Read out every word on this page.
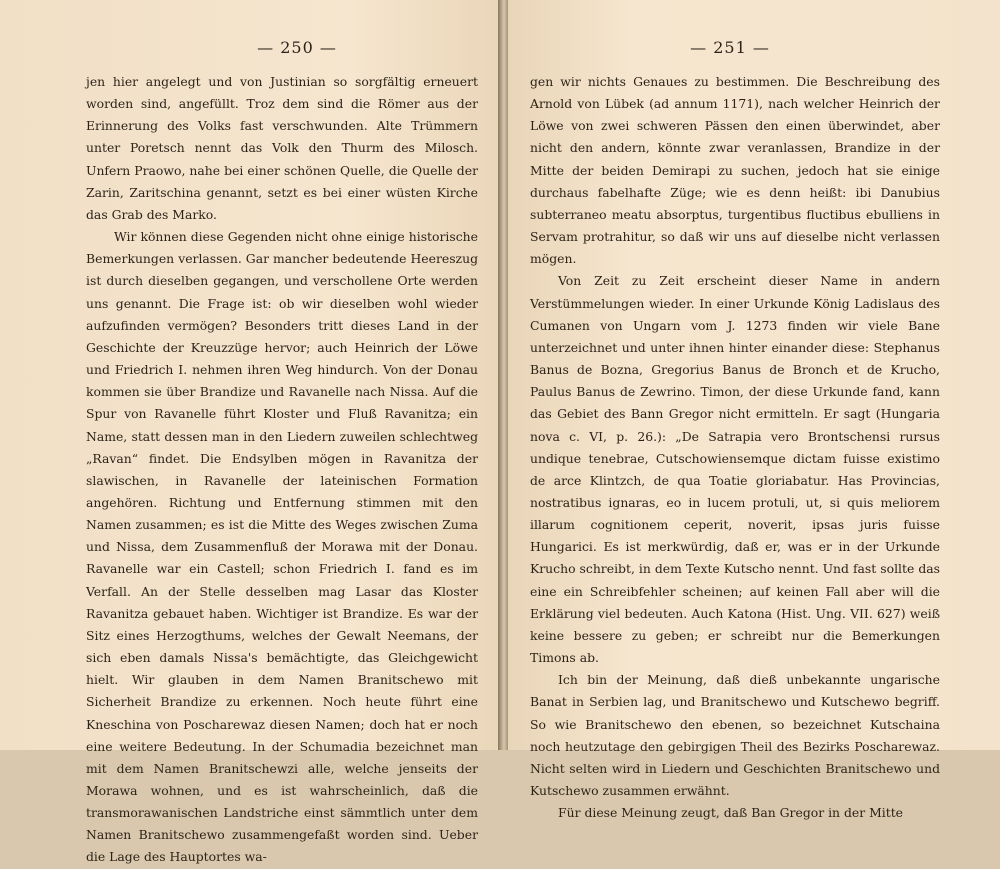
— 250 —

jen hier angelegt und von Justinian so sorgfältig erneuert worden sind, angefüllt. Troz dem sind die Römer aus der Erinnerung des Volks fast verschwunden. Alte Trümmern unter Poretsch nennt das Volk den Thurm des Milosch. Unfern Praowo, nahe bei einer schönen Quelle, die Quelle der Zarin, Zaritschina genannt, setzt es bei einer wüsten Kirche das Grab des Marko.

Wir können diese Gegenden nicht ohne einige historische Bemerkungen verlassen. Gar mancher bedeutende Heereszug ist durch dieselben gegangen, und verschollene Orte werden uns genannt. Die Frage ist: ob wir dieselben wohl wieder aufzufinden vermögen? Besonders tritt dieses Land in der Geschichte der Kreuzzüge hervor; auch Heinrich der Löwe und Friedrich I. nehmen ihren Weg hindurch. Von der Donau kommen sie über Brandize und Ravanelle nach Nissa. Auf die Spur von Ravanelle führt Kloster und Fluß Ravanitza; ein Name, statt dessen man in den Liedern zuweilen schlechtweg „Ravan“ findet. Die Endsylben mögen in Ravanitza der slawischen, in Ravanelle der lateinischen Formation angehören. Richtung und Entfernung stimmen mit den Namen zusammen; es ist die Mitte des Weges zwischen Zuma und Nissa, dem Zusammenfluß der Morawa mit der Donau. Ravanelle war ein Castell; schon Friedrich I. fand es im Verfall. An der Stelle desselben mag Lasar das Kloster Ravanitza gebauet haben. Wichtiger ist Brandize. Es war der Sitz eines Herzogthums, welches der Gewalt Neemans, der sich eben damals Nissa's bemächtigte, das Gleichgewicht hielt. Wir glauben in dem Namen Branitschewo mit Sicherheit Brandize zu erkennen. Noch heute führt eine Kneschina von Poscharewaz diesen Namen; doch hat er noch eine weitere Bedeutung. In der Schumadia bezeichnet man mit dem Namen Branitschewzi alle, welche jenseits der Morawa wohnen, und es ist wahrscheinlich, daß die transmorawanischen Landstriche einst sämmtlich unter dem Namen Branitschewo zusammengefaßt worden sind. Ueber die Lage des Hauptortes wa-

— 251 —

gen wir nichts Genaues zu bestimmen. Die Beschreibung des Arnold von Lübek (ad annum 1171), nach welcher Heinrich der Löwe von zwei schweren Pässen den einen überwindet, aber nicht den andern, könnte zwar veranlassen, Brandize in der Mitte der beiden Demirapi zu suchen, jedoch hat sie einige durchaus fabelhafte Züge; wie es denn heißt: ibi Danubius subterraneo meatu absorptus, turgentibus fluctibus ebulliens in Servam protrahitur, so daß wir uns auf dieselbe nicht verlassen mögen.

Von Zeit zu Zeit erscheint dieser Name in andern Verstümmelungen wieder. In einer Urkunde König Ladislaus des Cumanen von Ungarn vom J. 1273 finden wir viele Bane unterzeichnet und unter ihnen hinter einander diese: Stephanus Banus de Bozna, Gregorius Banus de Bronch et de Krucho, Paulus Banus de Zewrino. Timon, der diese Urkunde fand, kann das Gebiet des Bann Gregor nicht ermitteln. Er sagt (Hungaria nova c. VI, p. 26.): „De Satrapia vero Brontschensi rursus undique tenebrae, Cutschowiensemque dictam fuisse existimo de arce Klintzch, de qua Toatie gloriabatur. Has Provincias, nostratibus ignaras, eo in lucem protuli, ut, si quis meliorem illarum cognitionem ceperit, noverit, ipsas juris fuisse Hungarici. Es ist merkwürdig, daß er, was er in der Urkunde Krucho schreibt, in dem Texte Kutscho nennt. Und fast sollte das eine ein Schreibfehler scheinen; auf keinen Fall aber will die Erklärung viel bedeuten. Auch Katona (Hist. Ung. VII. 627) weiß keine bessere zu geben; er schreibt nur die Bemerkungen Timons ab.

Ich bin der Meinung, daß dieß unbekannte ungarische Banat in Serbien lag, und Branitschewo und Kutschewo begriff. So wie Branitschewo den ebenen, so bezeichnet Kutschaina noch heutzutage den gebirgigen Theil des Bezirks Poscharewaz. Nicht selten wird in Liedern und Geschichten Branitschewo und Kutschewo zusammen erwähnt.

Für diese Meinung zeugt, daß Ban Gregor in der Mitte
